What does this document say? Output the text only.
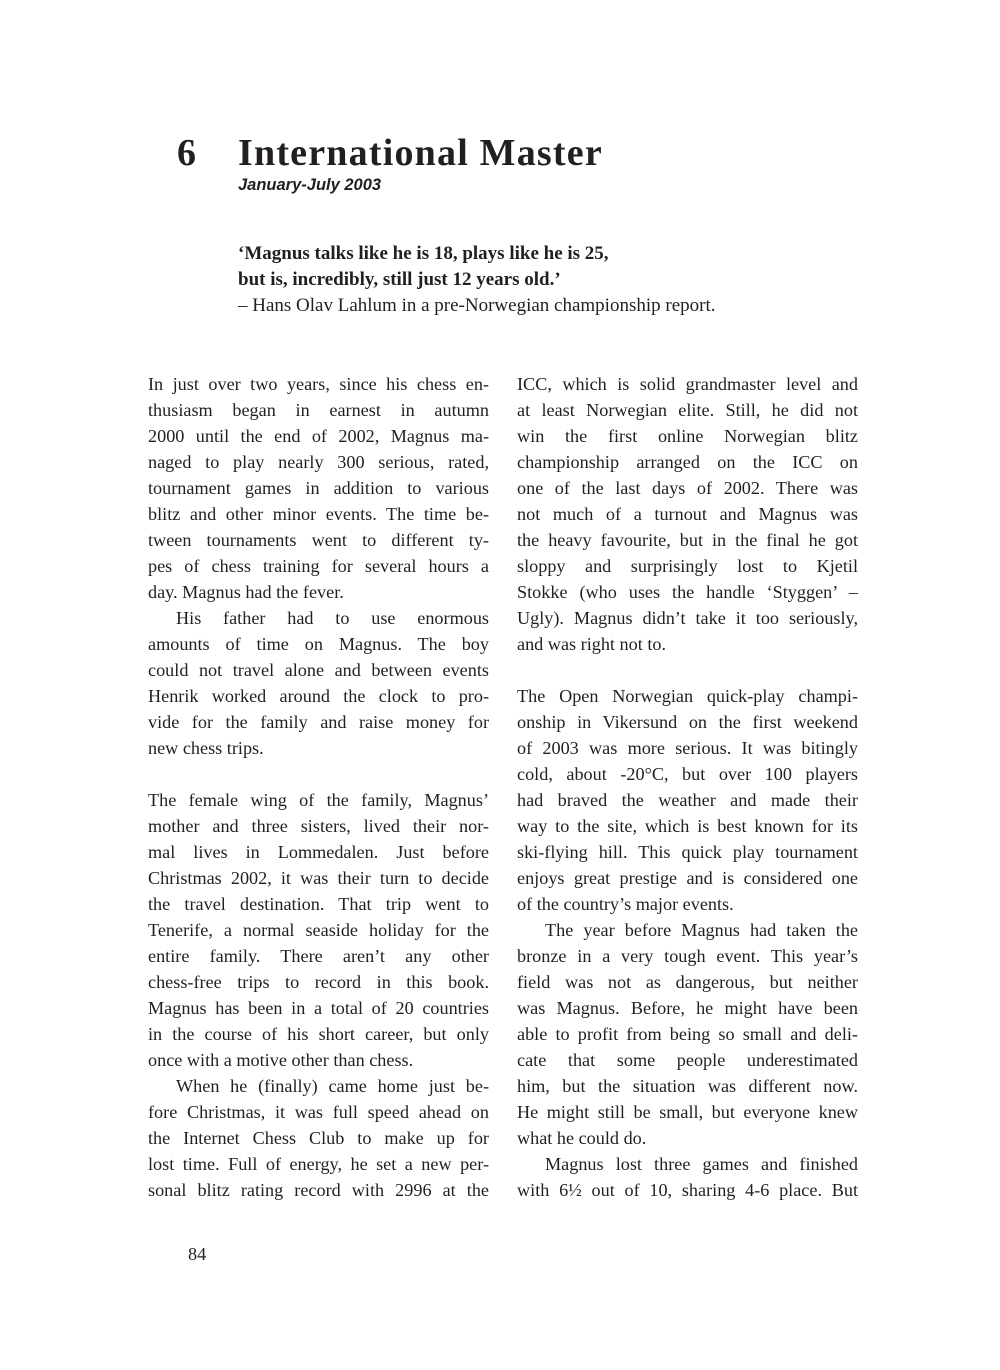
6 International Master
January-July 2003
‘Magnus talks like he is 18, plays like he is 25,
but is, incredibly, still just 12 years old.’
– Hans Olav Lahlum in a pre-Norwegian championship report.
In just over two years, since his chess en-
thusiasm began in earnest in autumn
2000 until the end of 2002, Magnus ma-
naged to play nearly 300 serious, rated,
tournament games in addition to various
blitz and other minor events. The time be-
tween tournaments went to different ty-
pes of chess training for several hours a
day. Magnus had the fever.
His father had to use enormous
amounts of time on Magnus. The boy
could not travel alone and between events
Henrik worked around the clock to pro-
vide for the family and raise money for
new chess trips.
The female wing of the family, Magnus’
mother and three sisters, lived their nor-
mal lives in Lommedalen. Just before
Christmas 2002, it was their turn to decide
the travel destination. That trip went to
Tenerife, a normal seaside holiday for the
entire family. There aren’t any other
chess-free trips to record in this book.
Magnus has been in a total of 20 countries
in the course of his short career, but only
once with a motive other than chess.
When he (finally) came home just be-
fore Christmas, it was full speed ahead on
the Internet Chess Club to make up for
lost time. Full of energy, he set a new per-
sonal blitz rating record with 2996 at the
ICC, which is solid grandmaster level and
at least Norwegian elite. Still, he did not
win the first online Norwegian blitz
championship arranged on the ICC on
one of the last days of 2002. There was
not much of a turnout and Magnus was
the heavy favourite, but in the final he got
sloppy and surprisingly lost to Kjetil
Stokke (who uses the handle ‘Styggen’ –
Ugly). Magnus didn’t take it too seriously,
and was right not to.
The Open Norwegian quick-play champi-
onship in Vikersund on the first weekend
of 2003 was more serious. It was bitingly
cold, about -20°C, but over 100 players
had braved the weather and made their
way to the site, which is best known for its
ski-flying hill. This quick play tournament
enjoys great prestige and is considered one
of the country’s major events.
The year before Magnus had taken the
bronze in a very tough event. This year’s
field was not as dangerous, but neither
was Magnus. Before, he might have been
able to profit from being so small and deli-
cate that some people underestimated
him, but the situation was different now.
He might still be small, but everyone knew
what he could do.
Magnus lost three games and finished
with 6½ out of 10, sharing 4-6 place. But
84
